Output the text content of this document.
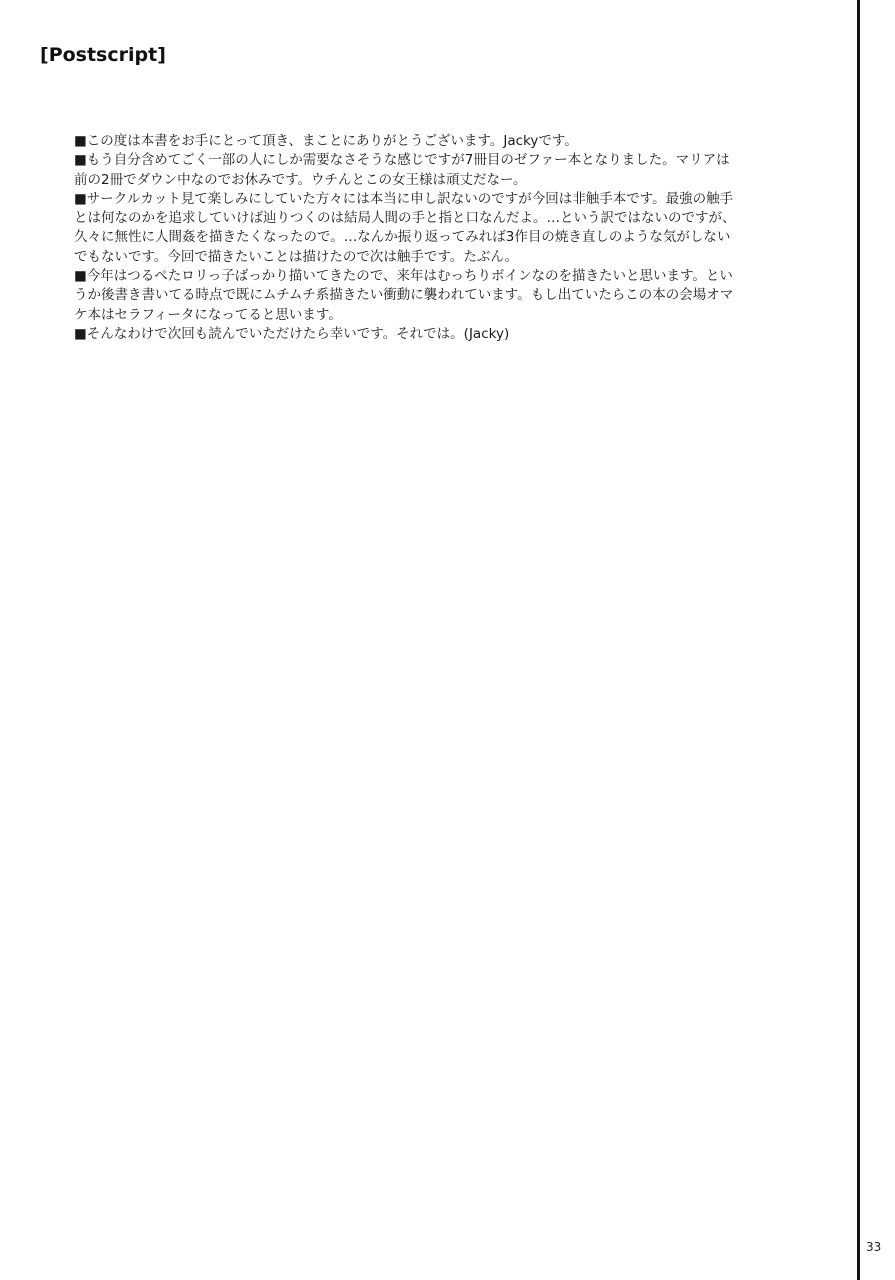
[Postscript]

■この度は本書をお手にとって頂き、まことにありがとうございます。Jackyです。

■もう自分含めてごく一部の人にしか需要なさそうな感じですが7冊目のゼファー本となりました。マリアは
前の2冊でダウン中なのでお休みです。ウチんとこの女王様は頑丈だなー。

■サークルカット見て楽しみにしていた方々には本当に申し訳ないのですが今回は非触手本です。最強の触手
とは何なのかを追求していけば辿りつくのは結局人間の手と指と口なんだよ。…という訳ではないのですが、
久々に無性に人間姦を描きたくなったので。…なんか振り返ってみれば3作目の焼き直しのような気がしない
でもないです。今回で描きたいことは描けたので次は触手です。たぶん。

■今年はつるぺたロリっ子ばっかり描いてきたので、来年はむっちりボインなのを描きたいと思います。とい
うか後書き書いてる時点で既にムチムチ系描きたい衝動に襲われています。もし出ていたらこの本の会場オマ
ケ本はセラフィータになってると思います。

■そんなわけで次回も読んでいただけたら幸いです。それでは。(Jacky)

33
